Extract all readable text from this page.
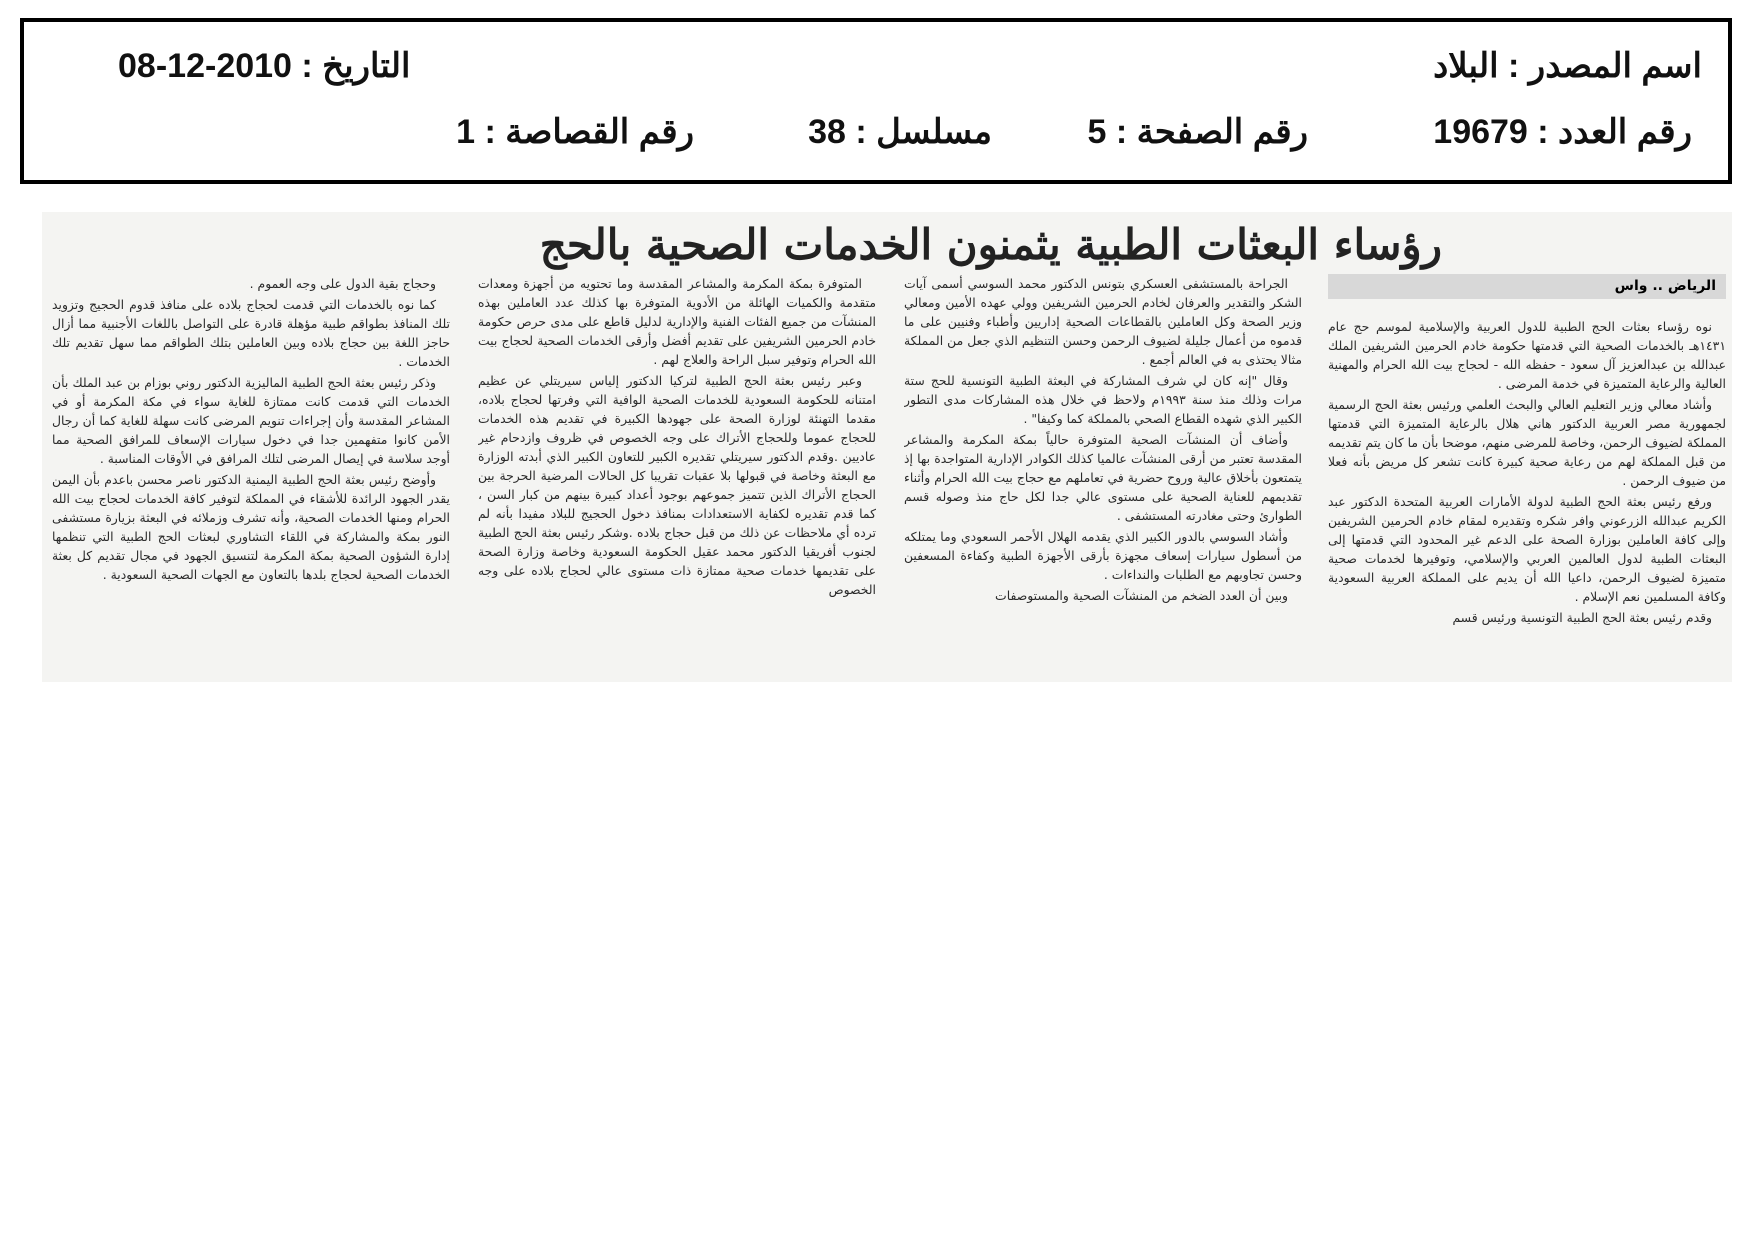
اسم المصدر : البلاد
التاريخ : 2010-12-08
رقم العدد : 19679
رقم الصفحة : 5
مسلسل : 38
رقم القصاصة : 1
رؤساء البعثات الطبية يثمنون الخدمات الصحية بالحج
الرياض .. واس

نوه رؤساء بعثات الحج الطبية للدول العربية والإسلامية لموسم حج عام ١٤٣١هـ بالخدمات الصحية التي قدمتها حكومة خادم الحرمين الشريفين الملك عبدالله بن عبدالعزيز آل سعود - حفظه الله - لحجاج بيت الله الحرام والمهنية العالية والرعاية المتميزة في خدمة المرضى .

وأشاد معالي وزير التعليم العالي والبحث العلمي ورئيس بعثة الحج الرسمية لجمهورية مصر العربية الدكتور هاني هلال بالرعاية المتميزة التي قدمتها المملكة لضيوف الرحمن، وخاصة للمرضى منهم، موضحا بأن ما كان يتم تقديمه من قبل المملكة لهم من رعاية صحية كبيرة كانت تشعر كل مريض بأنه فعلا من ضيوف الرحمن .

ورفع رئيس بعثة الحج الطبية لدولة الأمارات العربية المتحدة الدكتور عبد الكريم عبدالله الزرعوني وافر شكره وتقديره لمقام خادم الحرمين الشريفين وإلى كافة العاملين بوزارة الصحة على الدعم غير المحدود التي قدمتها إلى البعثات الطبية لدول العالمين العربي والإسلامي، وتوفيرها لخدمات صحية متميزة لضيوف الرحمن، داعيا الله أن يديم على المملكة العربية السعودية وكافة المسلمين نعم الإسلام .

وقدم رئيس بعثة الحج الطبية التونسية ورئيس قسم

الجراحة بالمستشفى العسكري بتونس الدكتور محمد السوسي أسمى آيات الشكر والتقدير والعرفان لخادم الحرمين الشريفين وولي عهده الأمين ومعالي وزير الصحة وكل العاملين بالقطاعات الصحية إداريين وأطباء وفنيين على ما قدموه من أعمال جليلة لضيوف الرحمن وحسن التنظيم الذي جعل من المملكة مثالا يحتذى به في العالم أجمع .

وقال "إنه كان لي شرف المشاركة في البعثة الطبية التونسية للحج ستة مرات وذلك منذ سنة ١٩٩٣م ولاحظ في خلال هذه المشاركات مدى التطور الكبير الذي شهده القطاع الصحي بالمملكة كما وكيفا" .

وأضاف أن المنشآت الصحية المتوفرة حالياً بمكة المكرمة والمشاعر المقدسة تعتبر من أرقى المنشآت عالميا كذلك الكوادر الإدارية المتواجدة بها إذ يتمتعون بأخلاق عالية وروح حضرية في تعاملهم مع حجاج بيت الله الحرام وأثناء تقديمهم للعناية الصحية على مستوى عالي جدا لكل حاج منذ وصوله قسم الطوارئ وحتى مغادرته المستشفى .

وأشاد السوسي بالدور الكبير الذي يقدمه الهلال الأحمر السعودي وما يمتلكه من أسطول سيارات إسعاف مجهزة بأرقى الأجهزة الطبية وكفاءة المسعفين وحسن تجاوبهم مع الطلبات والنداءات .

وبين أن العدد الضخم من المنشآت الصحية والمستوصفات

المتوفرة بمكة المكرمة والمشاعر المقدسة وما تحتويه من أجهزة ومعدات متقدمة والكميات الهائلة من الأدوية المتوفرة بها كذلك عدد العاملين بهذه المنشآت من جميع الفئات الفنية والإدارية لدليل قاطع على مدى حرص حكومة خادم الحرمين الشريفين على تقديم أفضل وأرقى الخدمات الصحية لحجاج بيت الله الحرام وتوفير سبل الراحة والعلاج لهم .

وعبر رئيس بعثة الحج الطبية لتركيا الدكتور إلياس سيريتلي عن عظيم امتنانه للحكومة السعودية للخدمات الصحية الوافية التي وفرتها لحجاج بلاده، مقدما التهنئة لوزارة الصحة على جهودها الكبيرة في تقديم هذه الخدمات للحجاج عموما وللحجاج الأتراك على وجه الخصوص في ظروف وازدحام غير عاديين .وقدم الدكتور سيريتلي تقديره الكبير للتعاون الكبير الذي أبدته الوزارة مع البعثة وخاصة في قبولها بلا عقبات تقريبا كل الحالات المرضية الحرجة بين الحجاج الأتراك الذين تتميز جموعهم بوجود أعداد كبيرة بينهم من كبار السن ، كما قدم تقديره لكفاية الاستعدادات بمنافذ دخول الحجيج للبلاد مفيدا بأنه لم ترده أي ملاحظات عن ذلك من قبل حجاج بلاده .وشكر رئيس بعثة الحج الطبية لجنوب أفريقيا الدكتور محمد عقيل الحكومة السعودية وخاصة وزارة الصحة على تقديمها خدمات صحية ممتازة ذات مستوى عالي لحجاج بلاده على وجه الخصوص

وحجاج بقية الدول على وجه العموم .

كما نوه بالخدمات التي قدمت لحجاج بلاده على منافذ قدوم الحجيج وتزويد تلك المنافذ بطواقم طبية مؤهلة قادرة على التواصل باللغات الأجنبية مما أزال حاجز اللغة بين حجاج بلاده وبين العاملين بتلك الطواقم مما سهل تقديم تلك الخدمات .

وذكر رئيس بعثة الحج الطبية الماليزية الدكتور روني بوزام بن عبد الملك بأن الخدمات التي قدمت كانت ممتازة للغاية سواء في مكة المكرمة أو في المشاعر المقدسة وأن إجراءات تنويم المرضى كانت سهلة للغاية كما أن رجال الأمن كانوا متفهمين جدا في دخول سيارات الإسعاف للمرافق الصحية مما أوجد سلاسة في إيصال المرضى لتلك المرافق في الأوقات المناسبة .

وأوضح رئيس بعثة الحج الطبية اليمنية الدكتور ناصر محسن باعدم بأن اليمن يقدر الجهود الرائدة للأشقاء في المملكة لتوفير كافة الخدمات لحجاج بيت الله الحرام ومنها الخدمات الصحية، وأنه تشرف وزملائه في البعثة بزيارة مستشفى النور بمكة والمشاركة في اللقاء التشاوري لبعثات الحج الطبية التي تنظمها إدارة الشؤون الصحية بمكة المكرمة لتنسيق الجهود في مجال تقديم كل بعثة الخدمات الصحية لحجاج بلدها بالتعاون مع الجهات الصحية السعودية .
